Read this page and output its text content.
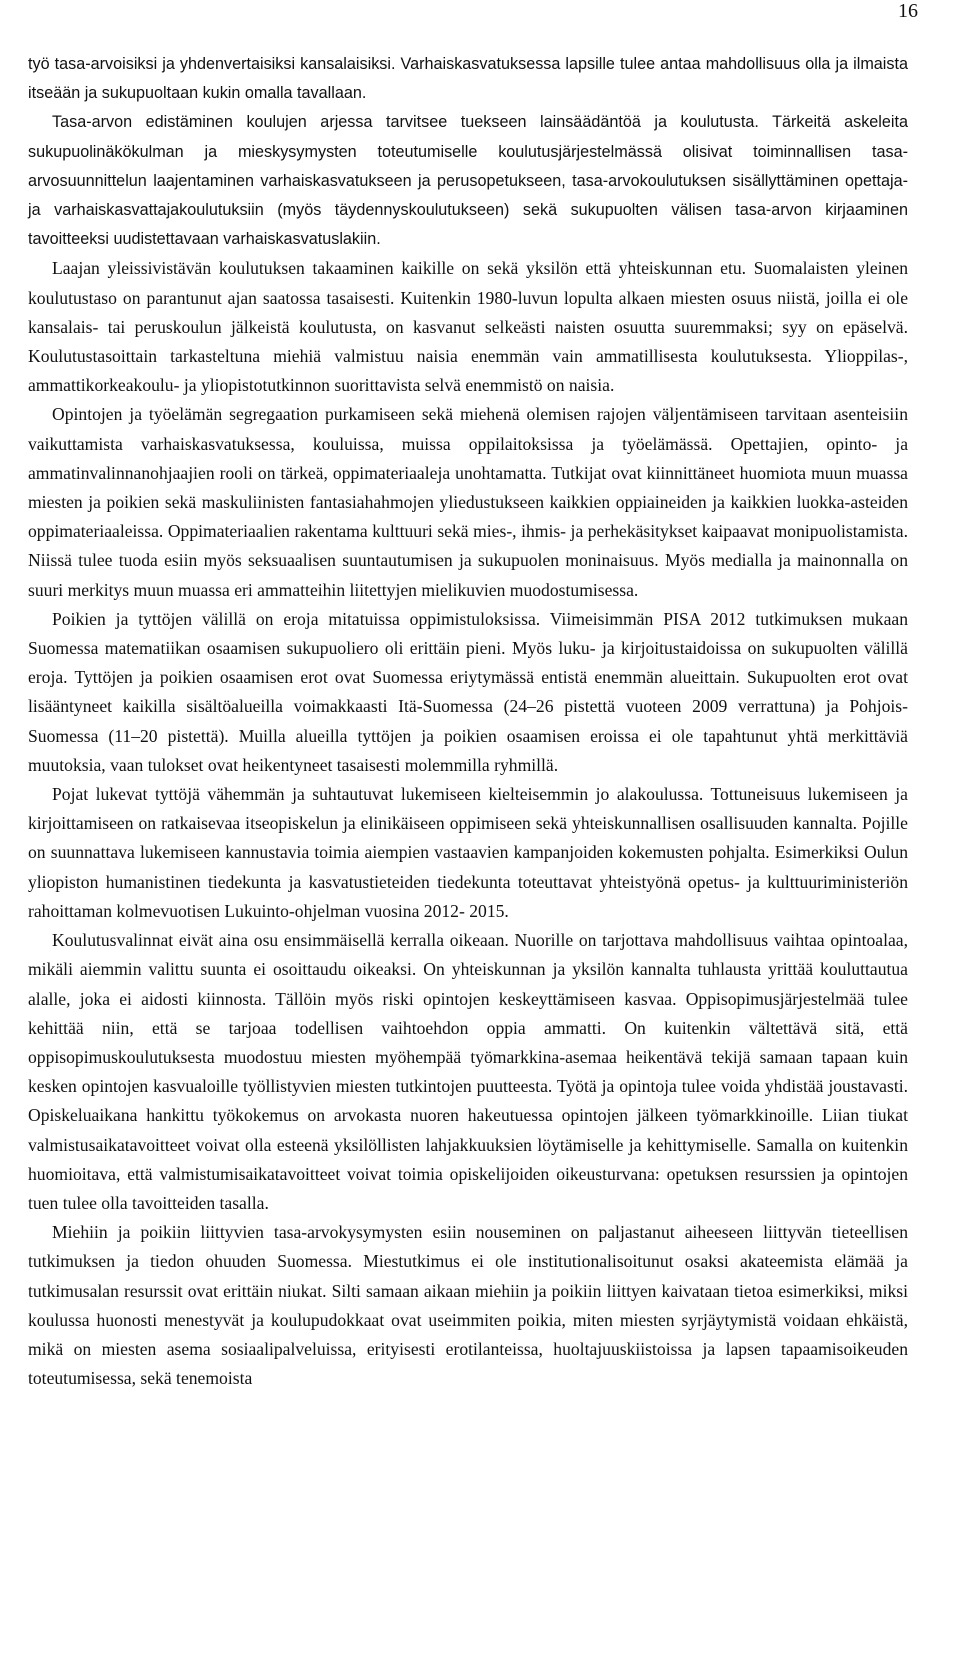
16

työ tasa-arvoisiksi ja yhdenvertaisiksi kansalaisiksi. Varhaiskasvatuksessa lapsille tulee antaa mahdollisuus olla ja ilmaista itseään ja sukupuoltaan kukin omalla tavallaan.

Tasa-arvon edistäminen koulujen arjessa tarvitsee tuekseen lainsäädäntöä ja koulutusta. Tärkeitä askeleita sukupuolinäkökulman ja mieskysymysten toteutumiselle koulutusjärjestelmässä olisivat toiminnallisen tasa-arvosuunnittelun laajentaminen varhaiskasvatukseen ja perusopetukseen, tasa-arvokoulutuksen sisällyttäminen opettaja- ja varhaiskasvattajakoulutuksiin (myös täydennyskoulutukseen) sekä sukupuolten välisen tasa-arvon kirjaaminen tavoitteeksi uudistettavaan varhaiskasvatuslakiin.

Laajan yleissivistävän koulutuksen takaaminen kaikille on sekä yksilön että yhteiskunnan etu. Suomalaisten yleinen koulutustaso on parantunut ajan saatossa tasaisesti. Kuitenkin 1980-luvun lopulta alkaen miesten osuus niistä, joilla ei ole kansalais- tai peruskoulun jälkeistä koulutusta, on kasvanut selkeästi naisten osuutta suuremmaksi; syy on epäselvä. Koulutustasoittain tarkasteltuna miehiä valmistuu naisia enemmän vain ammatillisesta koulutuksesta. Ylioppilas-, ammattikorkeakoulu- ja yliopistotutkinnon suorittavista selvä enemmistö on naisia.

Opintojen ja työelämän segregaation purkamiseen sekä miehenä olemisen rajojen väljentämiseen tarvitaan asenteisiin vaikuttamista varhaiskasvatuksessa, kouluissa, muissa oppilaitoksissa ja työelämässä. Opettajien, opinto- ja ammatinvalinnanohjaajien rooli on tärkeä, oppimateriaaleja unohtamatta. Tutkijat ovat kiinnittäneet huomiota muun muassa miesten ja poikien sekä maskuliinisten fantasiahahmojen yliedustukseen kaikkien oppiaineiden ja kaikkien luokka-asteiden oppimateriaaleissa. Oppimateriaalien rakentama kulttuuri sekä mies-, ihmis- ja perhekäsitykset kaipaavat monipuolistamista. Niissä tulee tuoda esiin myös seksuaalisen suuntautumisen ja sukupuolen moninaisuus. Myös medialla ja mainonnalla on suuri merkitys muun muassa eri ammatteihin liitettyjen mielikuvien muodostumisessa.

Poikien ja tyttöjen välillä on eroja mitatuissa oppimistuloksissa. Viimeisimmän PISA 2012 tutkimuksen mukaan Suomessa matematiikan osaamisen sukupuoliero oli erittäin pieni. Myös luku- ja kirjoitustaidoissa on sukupuolten välillä eroja. Tyttöjen ja poikien osaamisen erot ovat Suomessa eriytymässä entistä enemmän alueittain. Sukupuolten erot ovat lisääntyneet kaikilla sisältöalueilla voimakkaasti Itä-Suomessa (24–26 pistettä vuoteen 2009 verrattuna) ja Pohjois-Suomessa (11–20 pistettä). Muilla alueilla tyttöjen ja poikien osaamisen eroissa ei ole tapahtunut yhtä merkittäviä muutoksia, vaan tulokset ovat heikentyneet tasaisesti molemmilla ryhmillä.

Pojat lukevat tyttöjä vähemmän ja suhtautuvat lukemiseen kielteisemmin jo alakoulussa. Tottuneisuus lukemiseen ja kirjoittamiseen on ratkaisevaa itseopiskelun ja elinikäiseen oppimiseen sekä yhteiskunnallisen osallisuuden kannalta. Pojille on suunnattava lukemiseen kannustavia toimia aiempien vastaavien kampanjoiden kokemusten pohjalta. Esimerkiksi Oulun yliopiston humanistinen tiedekunta ja kasvatustieteiden tiedekunta toteuttavat yhteistyönä opetus- ja kulttuuriministeriön rahoittaman kolmevuotisen Lukuinto-ohjelman vuosina 2012- 2015.

Koulutusvalinnat eivät aina osu ensimmäisellä kerralla oikeaan. Nuorille on tarjottava mahdollisuus vaihtaa opintoalaa, mikäli aiemmin valittu suunta ei osoittaudu oikeaksi. On yhteiskunnan ja yksilön kannalta tuhlausta yrittää kouluttautua alalle, joka ei aidosti kiinnosta. Tällöin myös riski opintojen keskeyttämiseen kasvaa. Oppisopimusjärjestelmää tulee kehittää niin, että se tarjoaa todellisen vaihtoehdon oppia ammatti. On kuitenkin vältettävä sitä, että oppisopimuskoulutuksesta muodostuu miesten myöhempää työmarkkina-asemaa heikentävä tekijä samaan tapaan kuin kesken opintojen kasvualoille työllistyvien miesten tutkintojen puutteesta. Työtä ja opintoja tulee voida yhdistää joustavasti. Opiskeluaikana hankittu työkokemus on arvokasta nuoren hakeutuessa opintojen jälkeen työmarkkinoille. Liian tiukat valmistusaikatavoitteet voivat olla esteenä yksilöllisten lahjakkuuksien löytämiselle ja kehittymiselle. Samalla on kuitenkin huomioitava, että valmistumisaikatavoitteet voivat toimia opiskelijoiden oikeusturvana: opetuksen resurssien ja opintojen tuen tulee olla tavoitteiden tasalla.

Miehiin ja poikiin liittyvien tasa-arvokysymysten esiin nouseminen on paljastanut aiheeseen liittyvän tieteellisen tutkimuksen ja tiedon ohuuden Suomessa. Miestutkimus ei ole institutionalisoitunut osaksi akateemista elämää ja tutkimusalan resurssit ovat erittäin niukat. Silti samaan aikaan miehiin ja poikiin liittyen kaivataan tietoa esimerkiksi, miksi koulussa huonosti menestyvät ja koulupudokkaat ovat useimmiten poikia, miten miesten syrjäytymistä voidaan ehkäistä, mikä on miesten asema sosiaalipalveluissa, erityisesti erotilanteissa, huoltajuuskiistoissa ja lapsen tapaamisoikeuden toteutumisessa, sekä tenemoista
